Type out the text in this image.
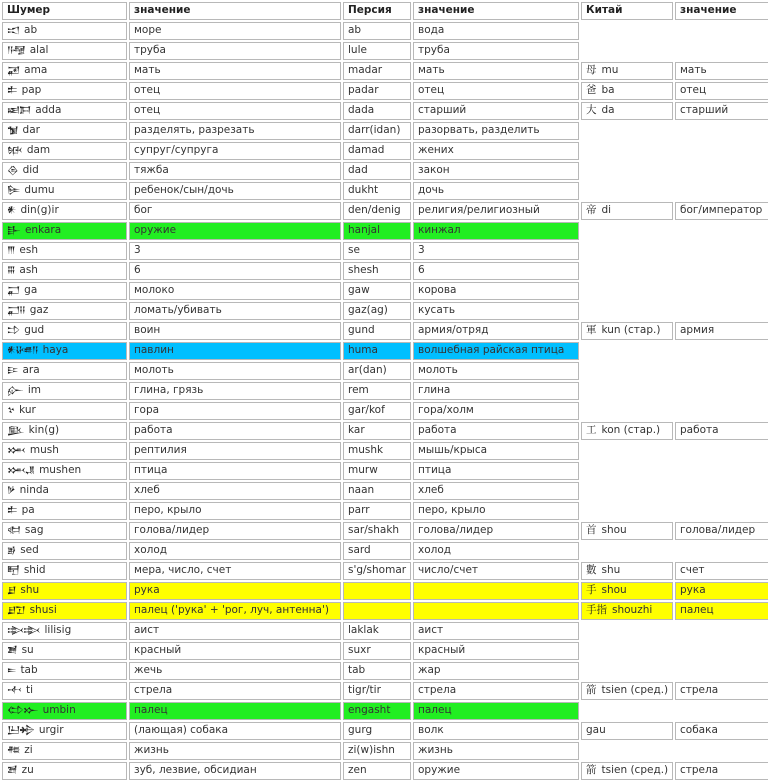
Шумер	значение	Персия	значение	Китай	значение
𒀊 ab	море	ab	вода		
𒀀𒆷 alal	труба	lule	труба		
𒂼 ama	мать	madar	мать	母 mu	мать
𒉺 pap	отец	padar	отец	爸 ba	отец
𒀜𒁕 adda	отец	dada	старший	大 da	старший
𒁯 dar	разделять, разрезать	darr(idan)	разорвать, разделить		
𒁮 dam	супруг/супруга	damad	жених		
𒁲 did	тяжба	dad	закон		
𒌉 dumu	ребенок/сын/дочь	dukht	дочь		
𒀭 din(g)ir	бог	den/denig	религия/религиозный	帝 di	бог/император
𒃲 enkara	оружие	hanjal	кинжал		
𒐈 esh	3	se	3		
𒐋 ash	6	shesh	6		
𒂷 ga	молоко	gaw	корова		
𒂷𒍝 gaz	ломать/убивать	gaz(ag)	кусать		
𒄞 gud	воин	gund	армия/отряд	軍 kun (стар.)	армия
𒀭𒄩𒌑𒀀 haya	павлин	huma	волшебная райская птица		
𒄿 ara	молоть	ar(dan)	молоть		
𒅎 im	глина, грязь	rem	глина		
𒆳 kur	гора	gar/kof	гора/холм		
𒆥 kin(g)	работа	kar	работа	工 kon (стар.)	работа
𒈲 mush	рептилия	mushk	мышь/крыса		
𒈲𒂗 mushen	птица	murw	птица		
𒃻 ninda	хлеб	naan	хлеб		
𒉺 pa	перо, крыло	parr	перо, крыло		
𒊕 sag	голова/лидер	sar/shakh	голова/лидер	首 shou	голова/лидер
𒂊 sed	холод	sard	холод		
𒋃 shid	мера, число, счет	s'g/shomar	число/счет	數 shu	счет
𒋗 shu	рука			手 shou	рука
𒋗𒋛 shusi	палец ('рука' + 'рог, луч, антенна')			手指 shouzhi	палец
𒇸𒇸 lilisig	аист	laklak	аист		
𒋢 su	красный	suxr	красный		
𒋰 tab	жечь	tab	жар		
𒋾 ti	стрела	tigr/tir	стрела	箭 tsien (сред.)	стрела
𒌌𒁍 umbin	палец	engasht	палец		
𒌨𒄈 urgir	(лающая) собака	gurg	волк	gau	собака
𒍣 zi	жизнь	zi(w)ishn	жизнь		
𒍪 zu	зуб, лезвие, обсидиан	zen	оружие	箭 tsien (сред.)	стрела
